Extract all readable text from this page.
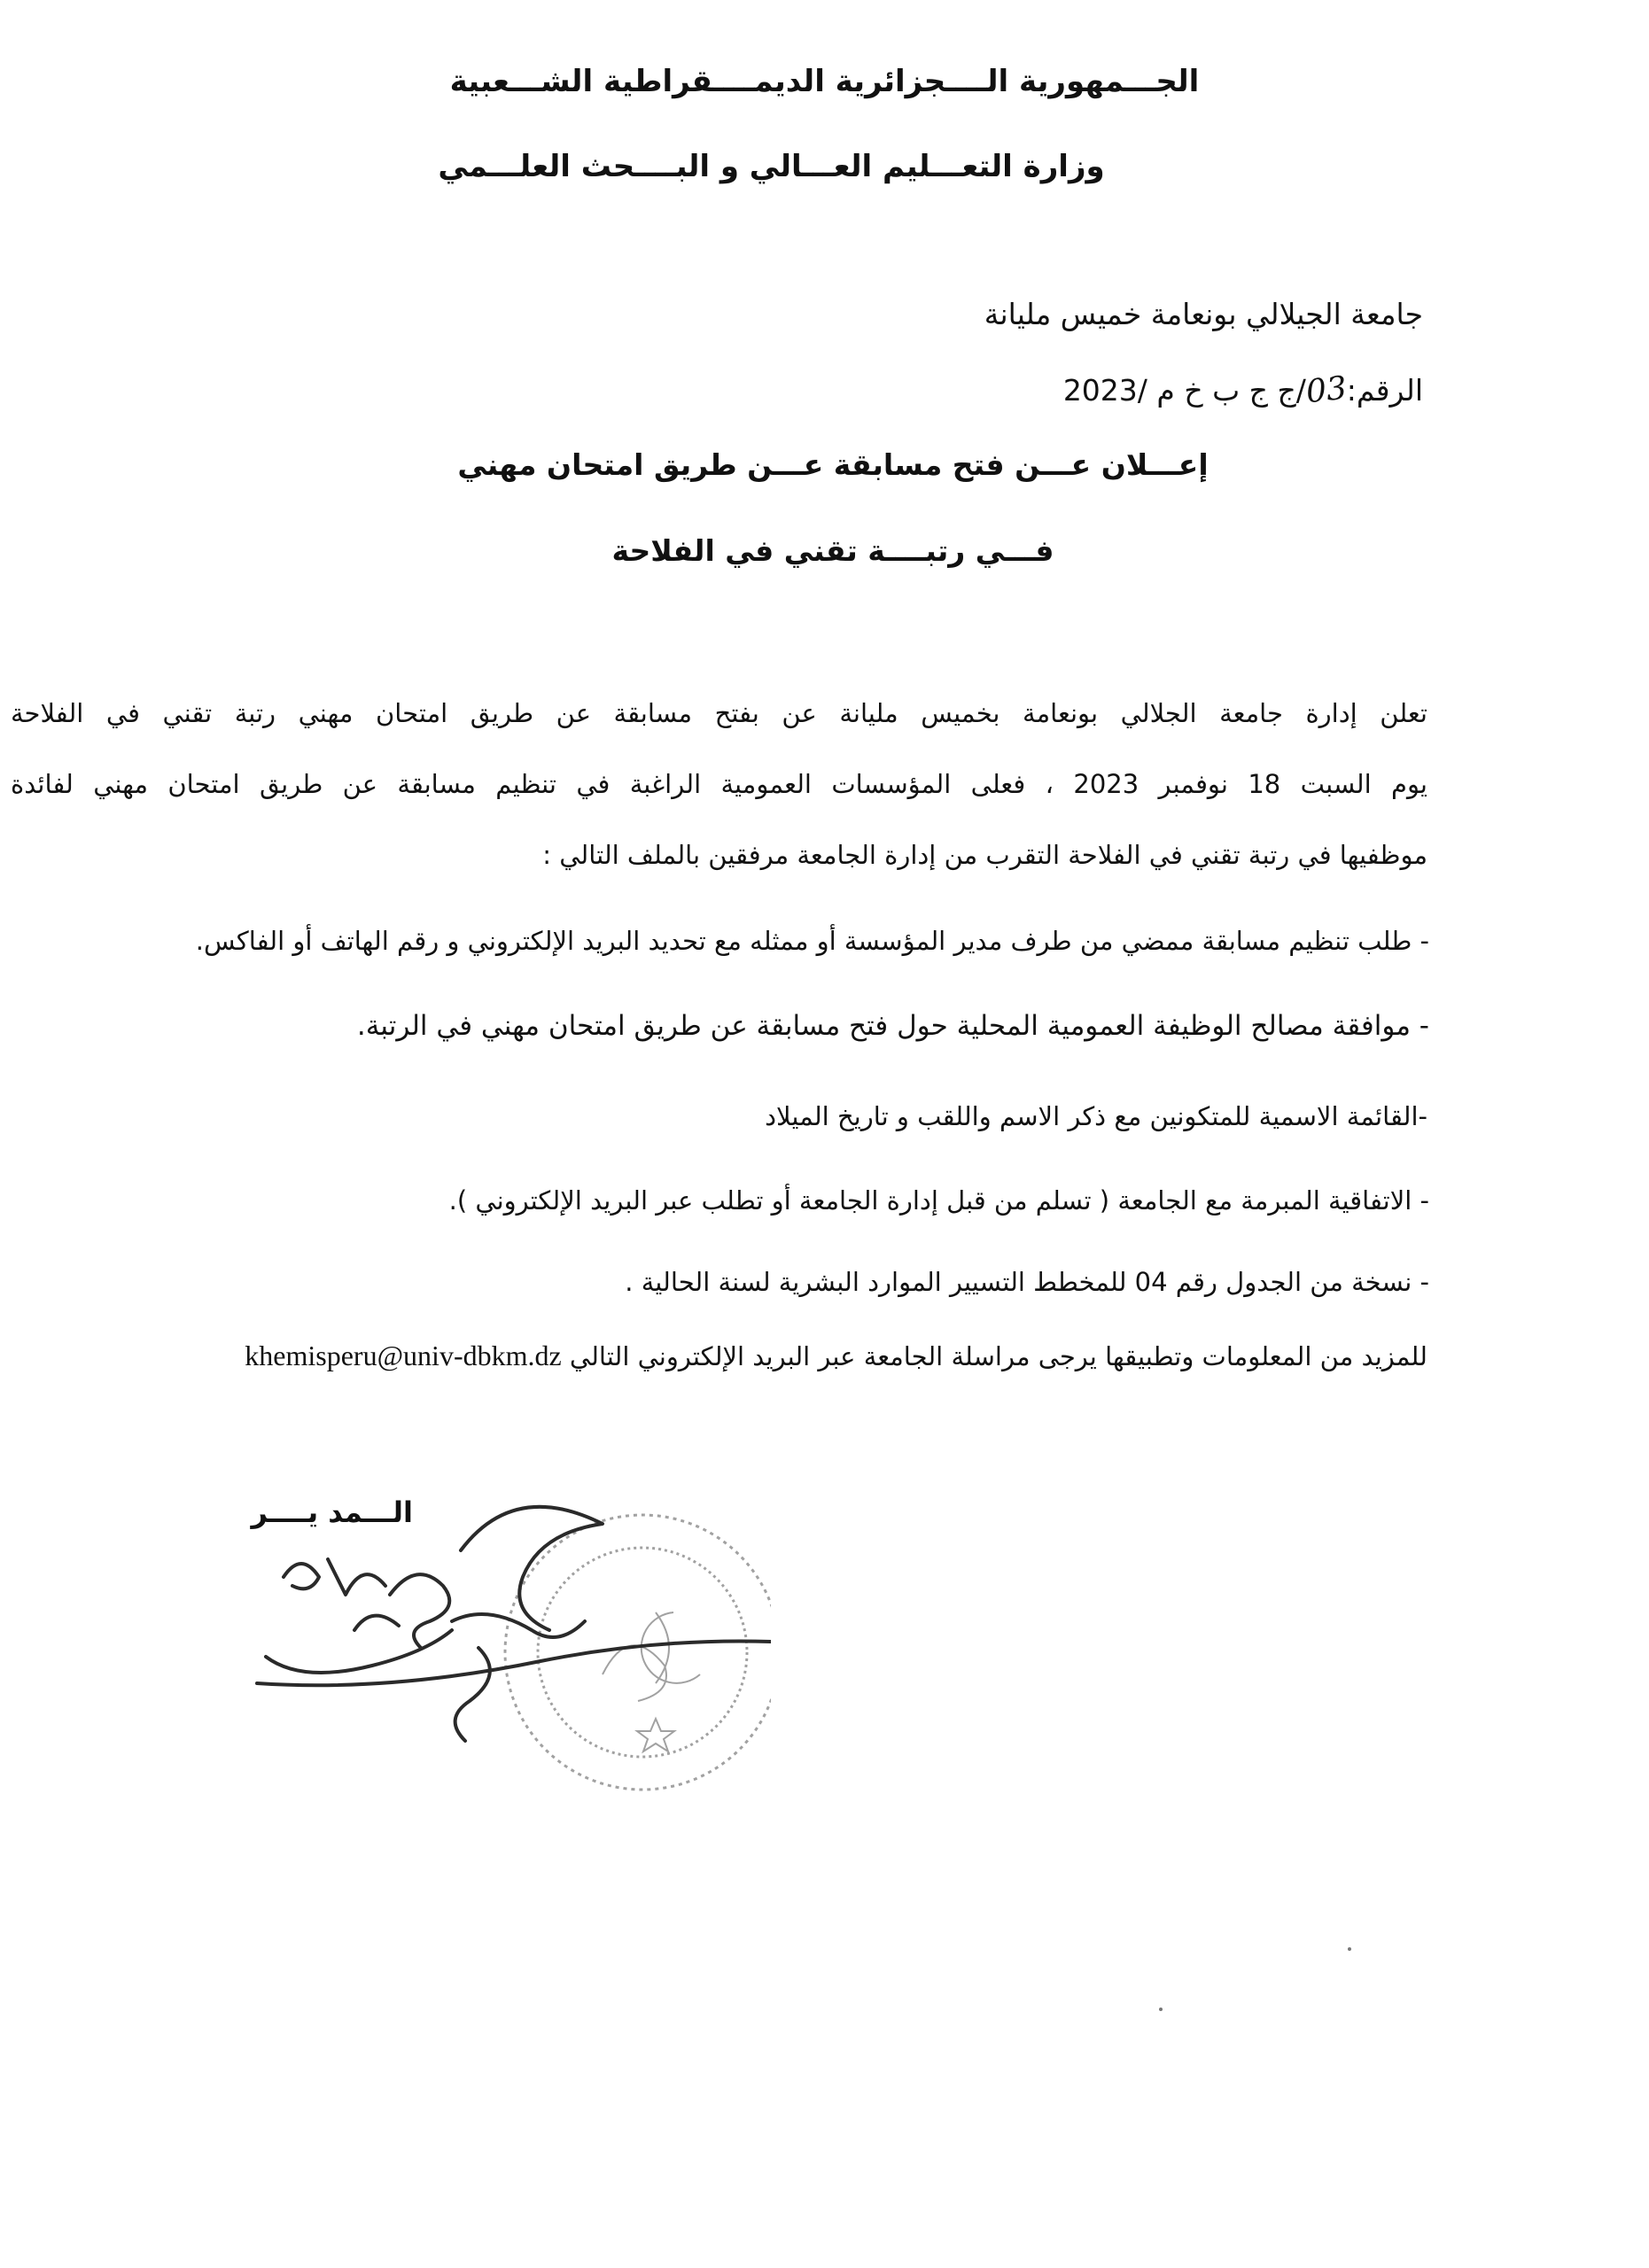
الجـــمهورية الــــجزائرية الديمــــقراطية الشـــعبية
وزارة التعـــليم العـــالي و البــــحث العلـــمي
جامعة الجيلالي بونعامة خميس مليانة
الرقم:03/ج ج ب خ م /2023
إعـــلان عـــن فتح مسابقة عـــن طريق امتحان مهني
فـــي رتبــــة تقني في الفلاحة
تعلن إدارة جامعة الجلالي بونعامة بخميس مليانة عن بفتح مسابقة عن طريق امتحان مهني رتبة تقني في الفلاحة
يوم السبت 18 نوفمبر 2023 ، فعلى المؤسسات العمومية الراغبة في تنظيم مسابقة عن طريق امتحان مهني لفائدة
موظفيها في رتبة تقني في الفلاحة التقرب من إدارة الجامعة مرفقين بالملف التالي :
- طلب تنظيم مسابقة ممضي من طرف مدير المؤسسة أو ممثله مع تحديد البريد الإلكتروني و رقم الهاتف أو الفاكس.
- موافقة مصالح الوظيفة العمومية المحلية حول فتح مسابقة عن طريق امتحان مهني في الرتبة.
-القائمة الاسمية للمتكونين مع ذكر الاسم واللقب و تاريخ الميلاد
- الاتفاقية المبرمة مع الجامعة ( تسلم من قبل إدارة الجامعة أو تطلب عبر البريد الإلكتروني ).
- نسخة من الجدول رقم 04 للمخطط التسيير الموارد البشرية لسنة الحالية .
للمزيد من المعلومات وتطبيقها يرجى مراسلة الجامعة عبر البريد الإلكتروني التالي khemisperu@univ-dbkm.dz
الـــمد يــــر
